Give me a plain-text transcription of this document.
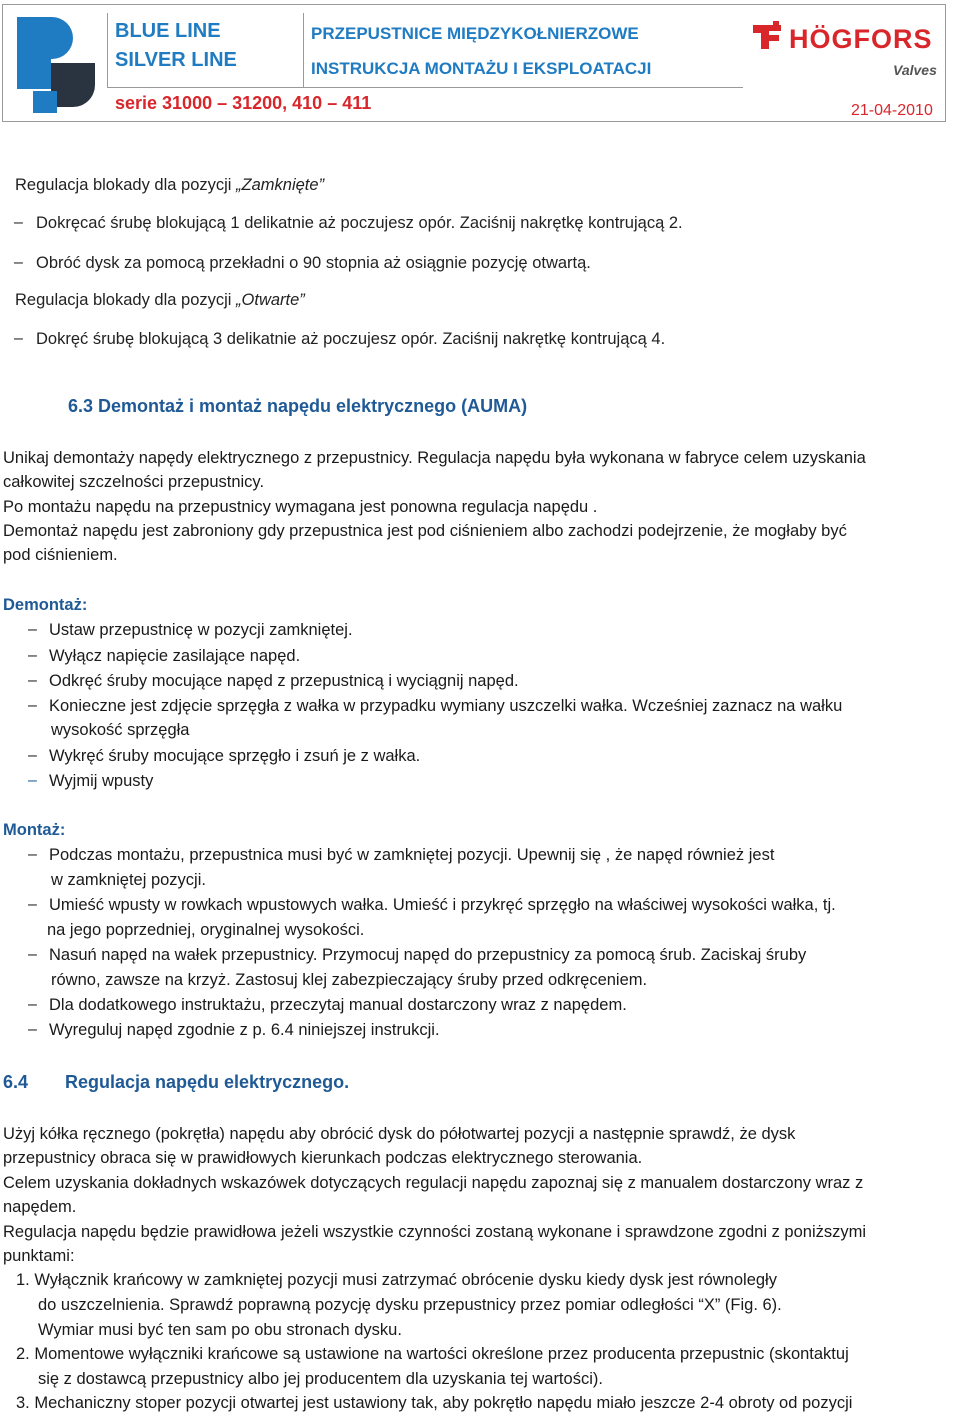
BLUE LINE
SILVER LINE
serie 31000 – 31200, 410 – 411
PRZEPUSTNICE MIĘDZYKOŁNIERZOWE
INSTRUKCJA MONTAŻU I EKSPLOATACJI
HÖGFORS
Valves
21-04-2010
Regulacja blokady dla pozycji „Zamknięte”
– Dokręcać śrubę blokującą 1 delikatnie aż poczujesz opór. Zaciśnij nakrętkę kontrującą 2.
– Obróć dysk za pomocą przekładni o 90 stopnia aż osiągnie pozycję otwartą.
Regulacja blokady dla pozycji „Otwarte”
– Dokręć śrubę blokującą 3 delikatnie aż poczujesz opór. Zaciśnij nakrętkę kontrującą 4.
6.3 Demontaż i montaż napędu elektrycznego (AUMA)
Unikaj demontaży napędy elektrycznego z przepustnicy. Regulacja napędu była wykonana w fabryce celem uzyskania
całkowitej szczelności przepustnicy.
Po montażu napędu na przepustnicy wymagana jest ponowna regulacja napędu .
Demontaż napędu jest zabroniony gdy przepustnica jest pod ciśnieniem albo zachodzi podejrzenie, że mogłaby być
pod ciśnieniem.
Demontaż:
– Ustaw przepustnicę w pozycji zamkniętej.
– Wyłącz napięcie zasilające napęd.
– Odkręć śruby mocujące napęd z przepustnicą i wyciągnij napęd.
– Konieczne jest zdjęcie sprzęgła z wałka w przypadku wymiany uszczelki wałka. Wcześniej zaznacz na wałku
wysokość sprzęgła
– Wykręć śruby mocujące sprzęgło i zsuń je z wałka.
– Wyjmij wpusty
Montaż:
– Podczas montażu, przepustnica musi być w zamkniętej pozycji. Upewnij się , że napęd również jest
w zamkniętej pozycji.
– Umieść wpusty w rowkach wpustowych wałka. Umieść i przykręć sprzęgło na właściwej wysokości wałka, tj.
na jego poprzedniej, oryginalnej wysokości.
– Nasuń napęd na wałek przepustnicy. Przymocuj napęd do przepustnicy za pomocą śrub. Zaciskaj śruby
równo, zawsze na krzyż. Zastosuj klej zabezpieczający śruby przed odkręceniem.
– Dla dodatkowego instruktażu, przeczytaj manual dostarczony wraz z napędem.
– Wyreguluj napęd zgodnie z p. 6.4 niniejszej instrukcji.
6.4 Regulacja napędu elektrycznego.
Użyj kółka ręcznego (pokrętła) napędu aby obrócić dysk do półotwartej pozycji a następnie sprawdź, że dysk
przepustnicy obraca się w prawidłowych kierunkach podczas elektrycznego sterowania.
Celem uzyskania dokładnych wskazówek dotyczących regulacji napędu zapoznaj się z manualem dostarczony wraz z
napędem.
Regulacja napędu będzie prawidłowa jeżeli wszystkie czynności zostaną wykonane i sprawdzone zgodni z poniższymi
punktami:
1. Wyłącznik krańcowy w zamkniętej pozycji musi zatrzymać obrócenie dysku kiedy dysk jest równoległy
do uszczelnienia. Sprawdź poprawną pozycję dysku przepustnicy przez pomiar odległości “X” (Fig. 6).
Wymiar musi być ten sam po obu stronach dysku.
2. Momentowe wyłączniki krańcowe są ustawione na wartości określone przez producenta przepustnic (skontaktuj
się z dostawcą przepustnicy albo jej producentem dla uzyskania tej wartości).
3. Mechaniczny stoper pozycji otwartej jest ustawiony tak, aby pokrętło napędu miało jeszcze 2-4 obroty od pozycji
